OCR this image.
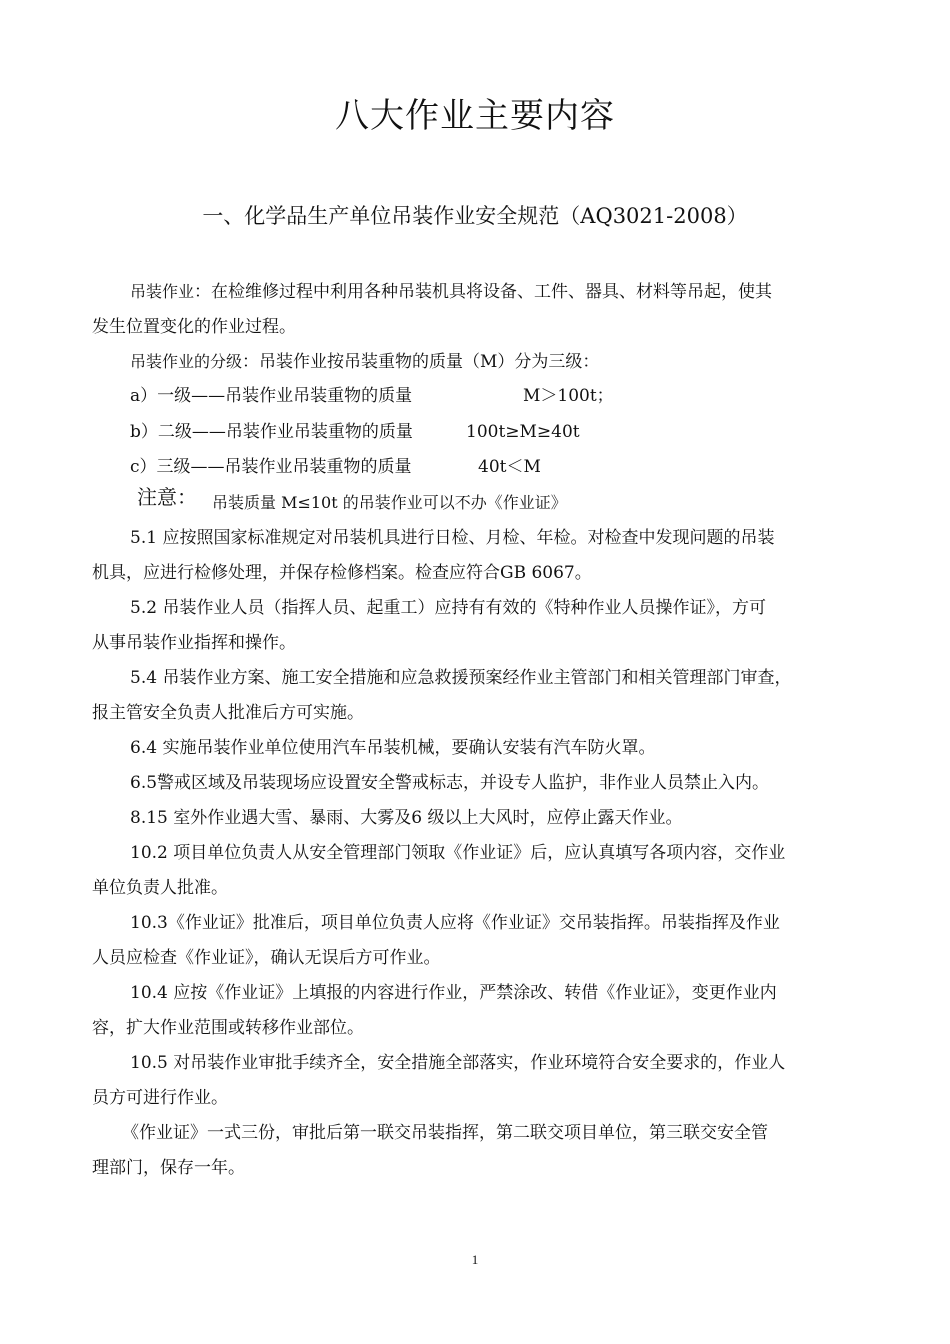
八大作业主要内容
一、化学品生产单位吊装作业安全规范（AQ3021-2008）
吊装作业：在检维修过程中利用各种吊装机具将设备、工件、器具、材料等吊起，使其
发生位置变化的作业过程。
吊装作业的分级：吊装作业按吊装重物的质量（M）分为三级：
a）一级——吊装作业吊装重物的质量	M＞100t；
b）二级——吊装作业吊装重物的质量	100t≥M≥40t
c）三级——吊装作业吊装重物的质量	40t＜M
注意： 吊装质量 M≤10t 的吊装作业可以不办《作业证》
5.1 应按照国家标准规定对吊装机具进行日检、月检、年检。对检查中发现问题的吊装
机具，应进行检修处理，并保存检修档案。检查应符合GB 6067。
5.2 吊装作业人员（指挥人员、起重工）应持有有效的《特种作业人员操作证》，方可
从事吊装作业指挥和操作。
5.4 吊装作业方案、施工安全措施和应急救援预案经作业主管部门和相关管理部门审查，
报主管安全负责人批准后方可实施。
6.4 实施吊装作业单位使用汽车吊装机械，要确认安装有汽车防火罩。
6.5警戒区域及吊装现场应设置安全警戒标志，并设专人监护，非作业人员禁止入内。
8.15 室外作业遇大雪、暴雨、大雾及6 级以上大风时，应停止露天作业。
10.2 项目单位负责人从安全管理部门领取《作业证》后，应认真填写各项内容，交作业
单位负责人批准。
10.3《作业证》批准后，项目单位负责人应将《作业证》交吊装指挥。吊装指挥及作业
人员应检查《作业证》，确认无误后方可作业。
10.4 应按《作业证》上填报的内容进行作业，严禁涂改、转借《作业证》，变更作业内
容，扩大作业范围或转移作业部位。
10.5 对吊装作业审批手续齐全，安全措施全部落实，作业环境符合安全要求的，作业人
员方可进行作业。
《作业证》一式三份，审批后第一联交吊装指挥，第二联交项目单位，第三联交安全管
理部门，保存一年。
1
